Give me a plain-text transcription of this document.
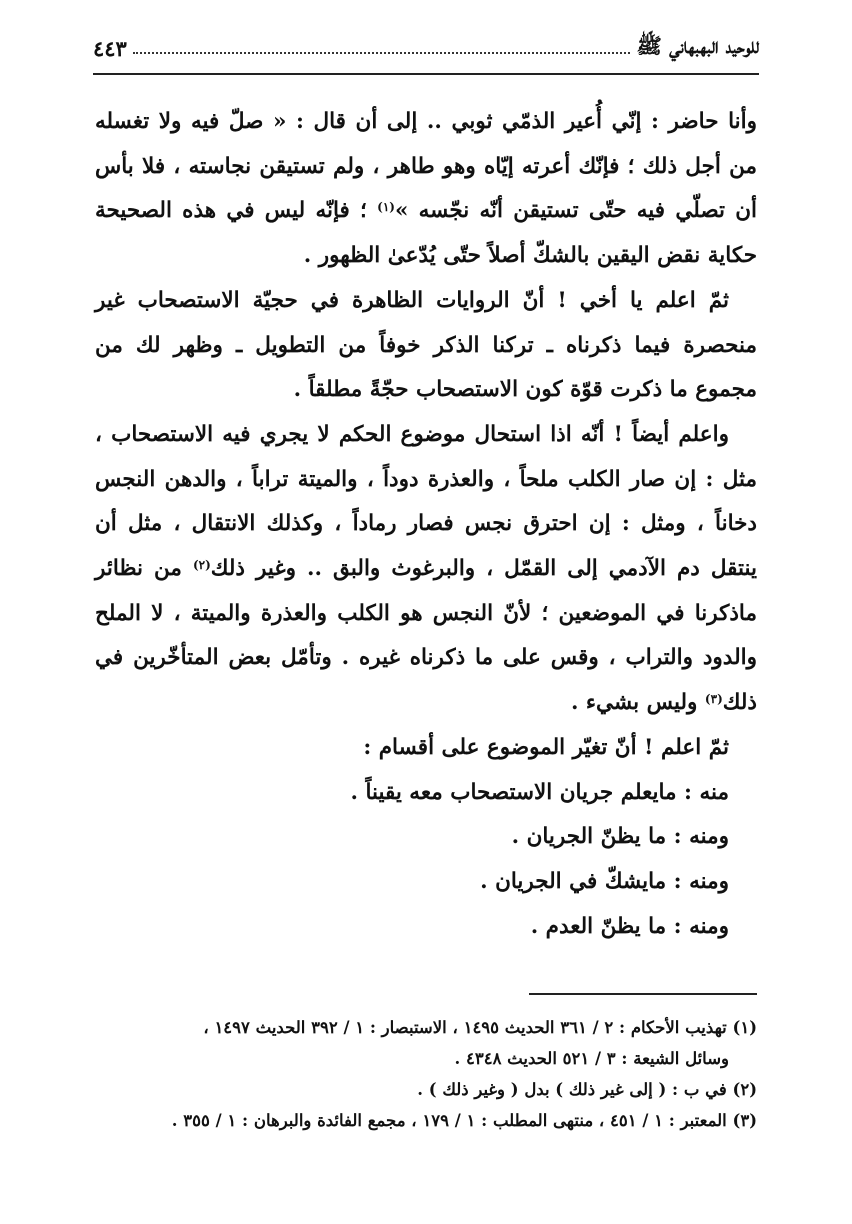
للوحيد البهبهاني ﷺ
٤٤٣

وأنا حاضر : إنّي أُعير الذمّي ثوبي .. إلى أن قال : « صلّ فيه ولا تغسله من أجل ذلك ؛ فإنّك أعرته إيّاه وهو طاهر ، ولم تستيقن نجاسته ، فلا بأس أن تصلّي فيه حتّى تستيقن أنّه نجّسه »$^{(١)}$ ؛ فإنّه ليس في هذه الصحيحة حكاية نقض اليقين بالشكّ أصلاً حتّى يُدّعىٰ الظهور .

ثمّ اعلم يا أخي ! أنّ الروايات الظاهرة في حجيّة الاستصحاب غير منحصرة فيما ذكرناه ـ تركنا الذكر خوفاً من التطويل ـ وظهر لك من مجموع ما ذكرت قوّة كون الاستصحاب حجّةً مطلقاً .

واعلم أيضاً ! أنّه اذا استحال موضوع الحكم لا يجري فيه الاستصحاب ، مثل : إن صار الكلب ملحاً ، والعذرة دوداً ، والميتة تراباً ، والدهن النجس دخاناً ، ومثل : إن احترق نجس فصار رماداً ، وكذلك الانتقال ، مثل أن ينتقل دم الآدمي إلى القمّل ، والبرغوث والبق .. وغير ذلك$^{(٢)}$ من نظائر ماذكرنا في الموضعين ؛ لأنّ النجس هو الكلب والعذرة والميتة ، لا الملح والدود والتراب ، وقس على ما ذكرناه غيره . وتأمّل بعض المتأخّرين في ذلك$^{(٣)}$ وليس بشيء .

ثمّ اعلم ! أنّ تغيّر الموضوع على أقسام :

منه : مايعلم جريان الاستصحاب معه يقيناً .

ومنه : ما يظنّ الجريان .

ومنه : مايشكّ في الجريان .

ومنه : ما يظنّ العدم .

(١) تهذيب الأحكام : ٢ / ٣٦١ الحديث ١٤٩٥ ، الاستبصار : ١ / ٣٩٢ الحديث ١٤٩٧ ،

وسائل الشيعة : ٣ / ٥٢١ الحديث ٤٣٤٨ .

(٢) في ب : ( إلى غير ذلك ) بدل ( وغير ذلك ) .

(٣) المعتبر : ١ / ٤٥١ ، منتهى المطلب : ١ / ١٧٩ ، مجمع الفائدة والبرهان : ١ / ٣٥٥ .
